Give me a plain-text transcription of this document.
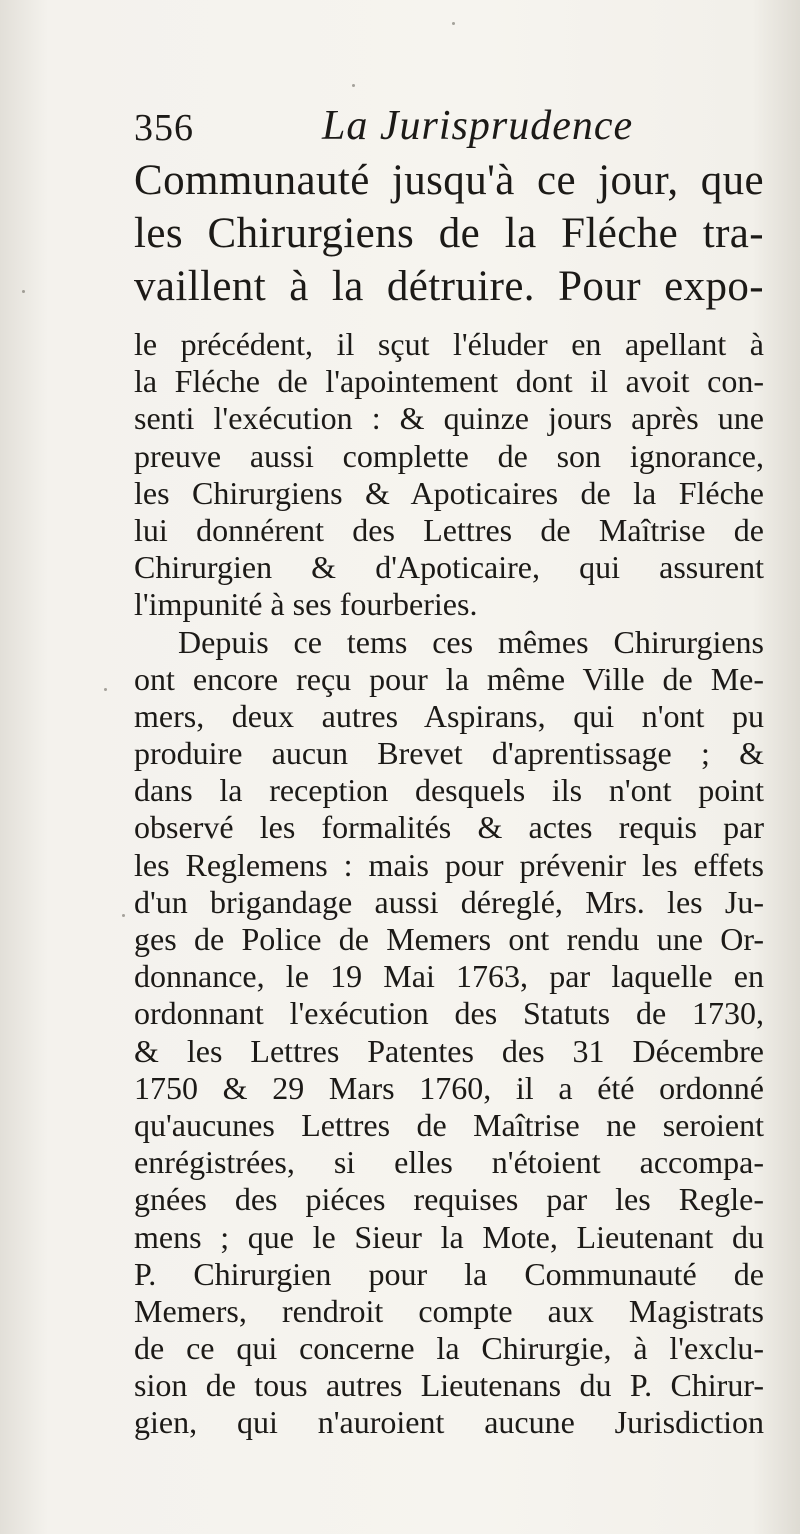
356	La Jurisprudence
Communauté jusqu'à ce jour, que
les Chirurgiens de la Fléche tra-
vaillent à la détruire. Pour expo-
le précédent, il sçut l'éluder en apellant à
la Fléche de l'apointement dont il avoit con-
senti l'exécution : & quinze jours après une
preuve aussi complette de son ignorance,
les Chirurgiens & Apoticaires de la Fléche
lui donnérent des Lettres de Maîtrise de
Chirurgien & d'Apoticaire, qui assurent
l'impunité à ses fourberies.
Depuis ce tems ces mêmes Chirurgiens
ont encore reçu pour la même Ville de Me-
mers, deux autres Aspirans, qui n'ont pu
produire aucun Brevet d'aprentissage ; &
dans la reception desquels ils n'ont point
observé les formalités & actes requis par
les Reglemens : mais pour prévenir les effets
d'un brigandage aussi déreglé, Mrs. les Ju-
ges de Police de Memers ont rendu une Or-
donnance, le 19 Mai 1763, par laquelle en
ordonnant l'exécution des Statuts de 1730,
& les Lettres Patentes des 31 Décembre
1750 & 29 Mars 1760, il a été ordonné
qu'aucunes Lettres de Maîtrise ne seroient
enrégistrées, si elles n'étoient accompa-
gnées des piéces requises par les Regle-
mens ; que le Sieur la Mote, Lieutenant du
P. Chirurgien pour la Communauté de
Memers, rendroit compte aux Magistrats
de ce qui concerne la Chirurgie, à l'exclu-
sion de tous autres Lieutenans du P. Chirur-
gien, qui n'auroient aucune Jurisdiction
